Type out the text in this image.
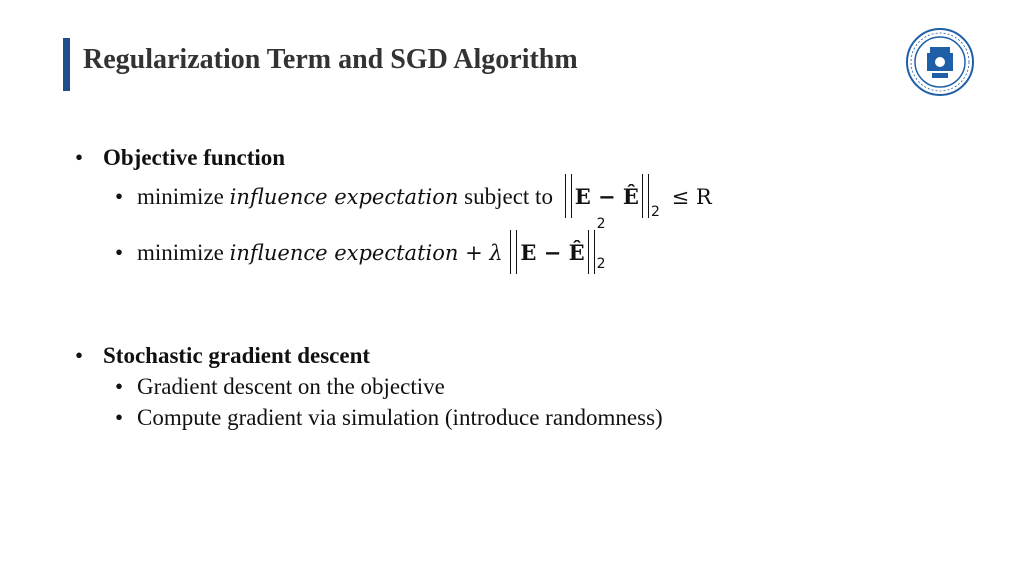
Regularization Term and SGD Algorithm
• Objective function
• minimize influence expectation subject to $E - Ê_2 \le R$
• minimize influence expectation + λ E − Ê
2
2
• Stochastic gradient descent
• Gradient descent on the objective
• Compute gradient via simulation (introduce randomness)
